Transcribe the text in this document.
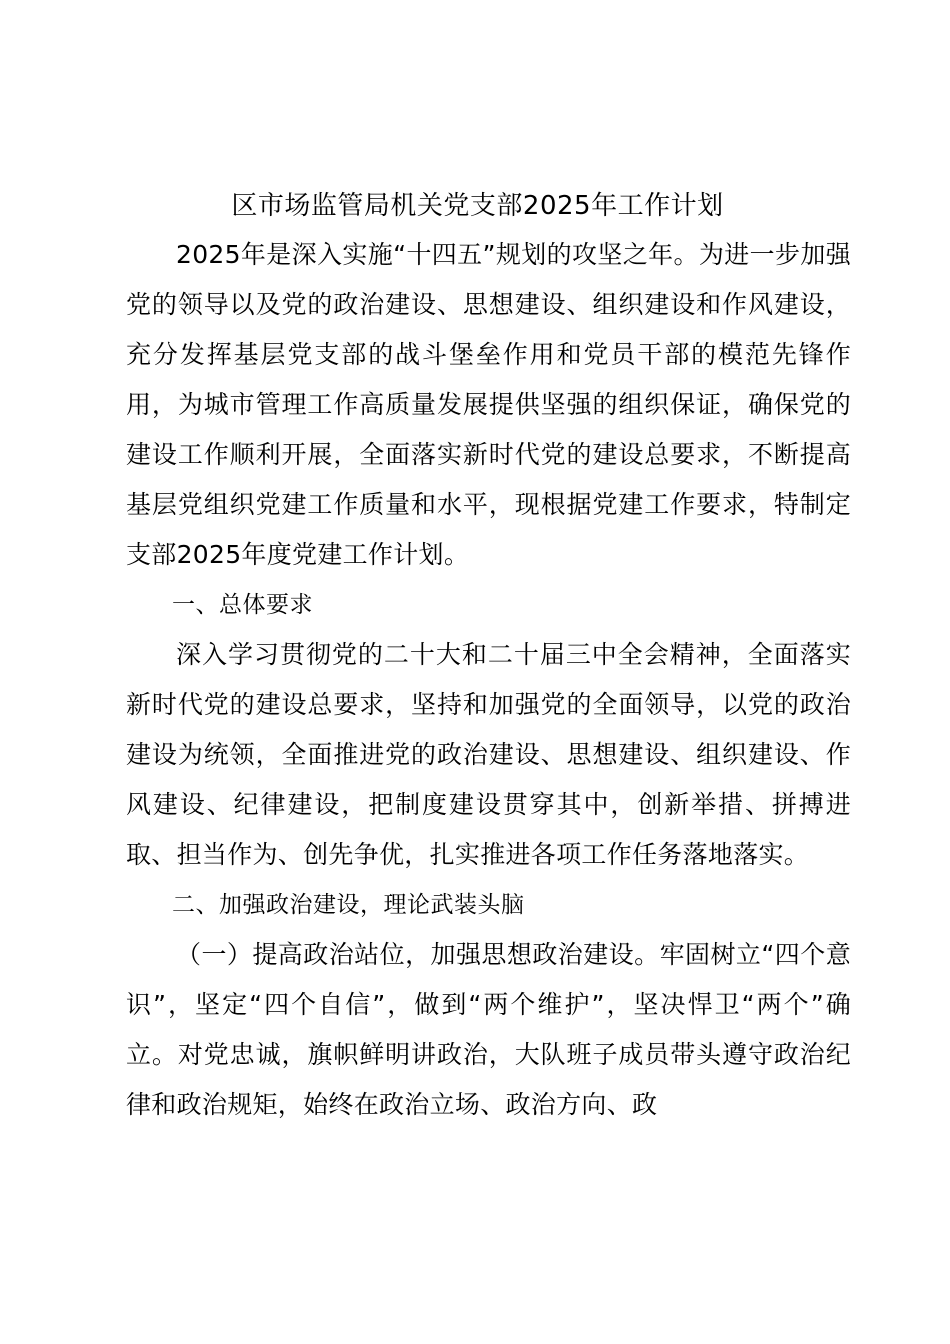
区市场监管局机关党支部2025年工作计划

2025年是深入实施“十四五”规划的攻坚之年。为进一步加强党的领导以及党的政治建设、思想建设、组织建设和作风建设，充分发挥基层党支部的战斗堡垒作用和党员干部的模范先锋作用，为城市管理工作高质量发展提供坚强的组织保证，确保党的建设工作顺利开展，全面落实新时代党的建设总要求，不断提高基层党组织党建工作质量和水平，现根据党建工作要求，特制定支部2025年度党建工作计划。

一、总体要求

深入学习贯彻党的二十大和二十届三中全会精神，全面落实新时代党的建设总要求，坚持和加强党的全面领导，以党的政治建设为统领，全面推进党的政治建设、思想建设、组织建设、作风建设、纪律建设，把制度建设贯穿其中，创新举措、拼搏进取、担当作为、创先争优，扎实推进各项工作任务落地落实。

二、加强政治建设，理论武装头脑

（一）提高政治站位，加强思想政治建设。牢固树立“四个意识”，坚定“四个自信”，做到“两个维护”，坚决悍卫“两个”确立。对党忠诚，旗帜鲜明讲政治，大队班子成员带头遵守政治纪律和政治规矩，始终在政治立场、政治方向、政
